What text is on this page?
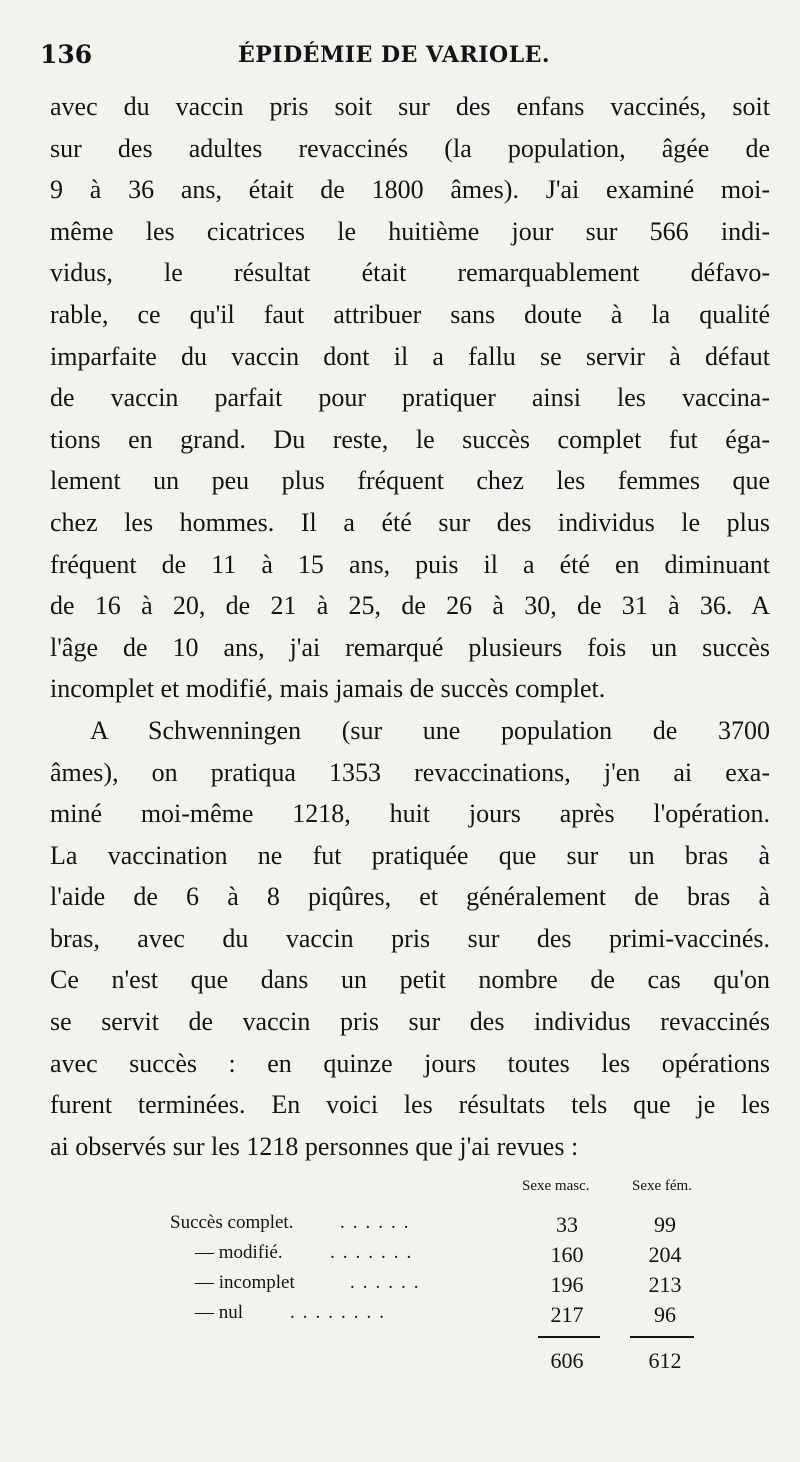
136	ÉPIDÉMIE DE VARIOLE.
avec du vaccin pris soit sur des enfans vaccinés, soit
sur des adultes revaccinés (la population, âgée de
9 à 36 ans, était de 1800 âmes). J'ai examiné moi-
même les cicatrices le huitième jour sur 566 indi-
vidus, le résultat était remarquablement défavo-
rable, ce qu'il faut attribuer sans doute à la qualité
imparfaite du vaccin dont il a fallu se servir à défaut
de vaccin parfait pour pratiquer ainsi les vaccina-
tions en grand. Du reste, le succès complet fut éga-
lement un peu plus fréquent chez les femmes que
chez les hommes. Il a été sur des individus le plus
fréquent de 11 à 15 ans, puis il a été en diminuant
de 16 à 20, de 21 à 25, de 26 à 30, de 31 à 36. A
l'âge de 10 ans, j'ai remarqué plusieurs fois un succès
incomplet et modifié, mais jamais de succès complet.
A Schwenningen (sur une population de 3700
âmes), on pratiqua 1353 revaccinations, j'en ai exa-
miné moi-même 1218, huit jours après l'opération.
La vaccination ne fut pratiquée que sur un bras à
l'aide de 6 à 8 piqûres, et généralement de bras à
bras, avec du vaccin pris sur des primi-vaccinés.
Ce n'est que dans un petit nombre de cas qu'on
se servit de vaccin pris sur des individus revaccinés
avec succès : en quinze jours toutes les opérations
furent terminées. En voici les résultats tels que je les
ai observés sur les 1218 personnes que j'ai revues :
Sexe masc.	Sexe fém.
Succès complet. ......	33	99
— modifié. .......	160	204
— incomplet	......	196	213
— nul ........	217	96
606	612
